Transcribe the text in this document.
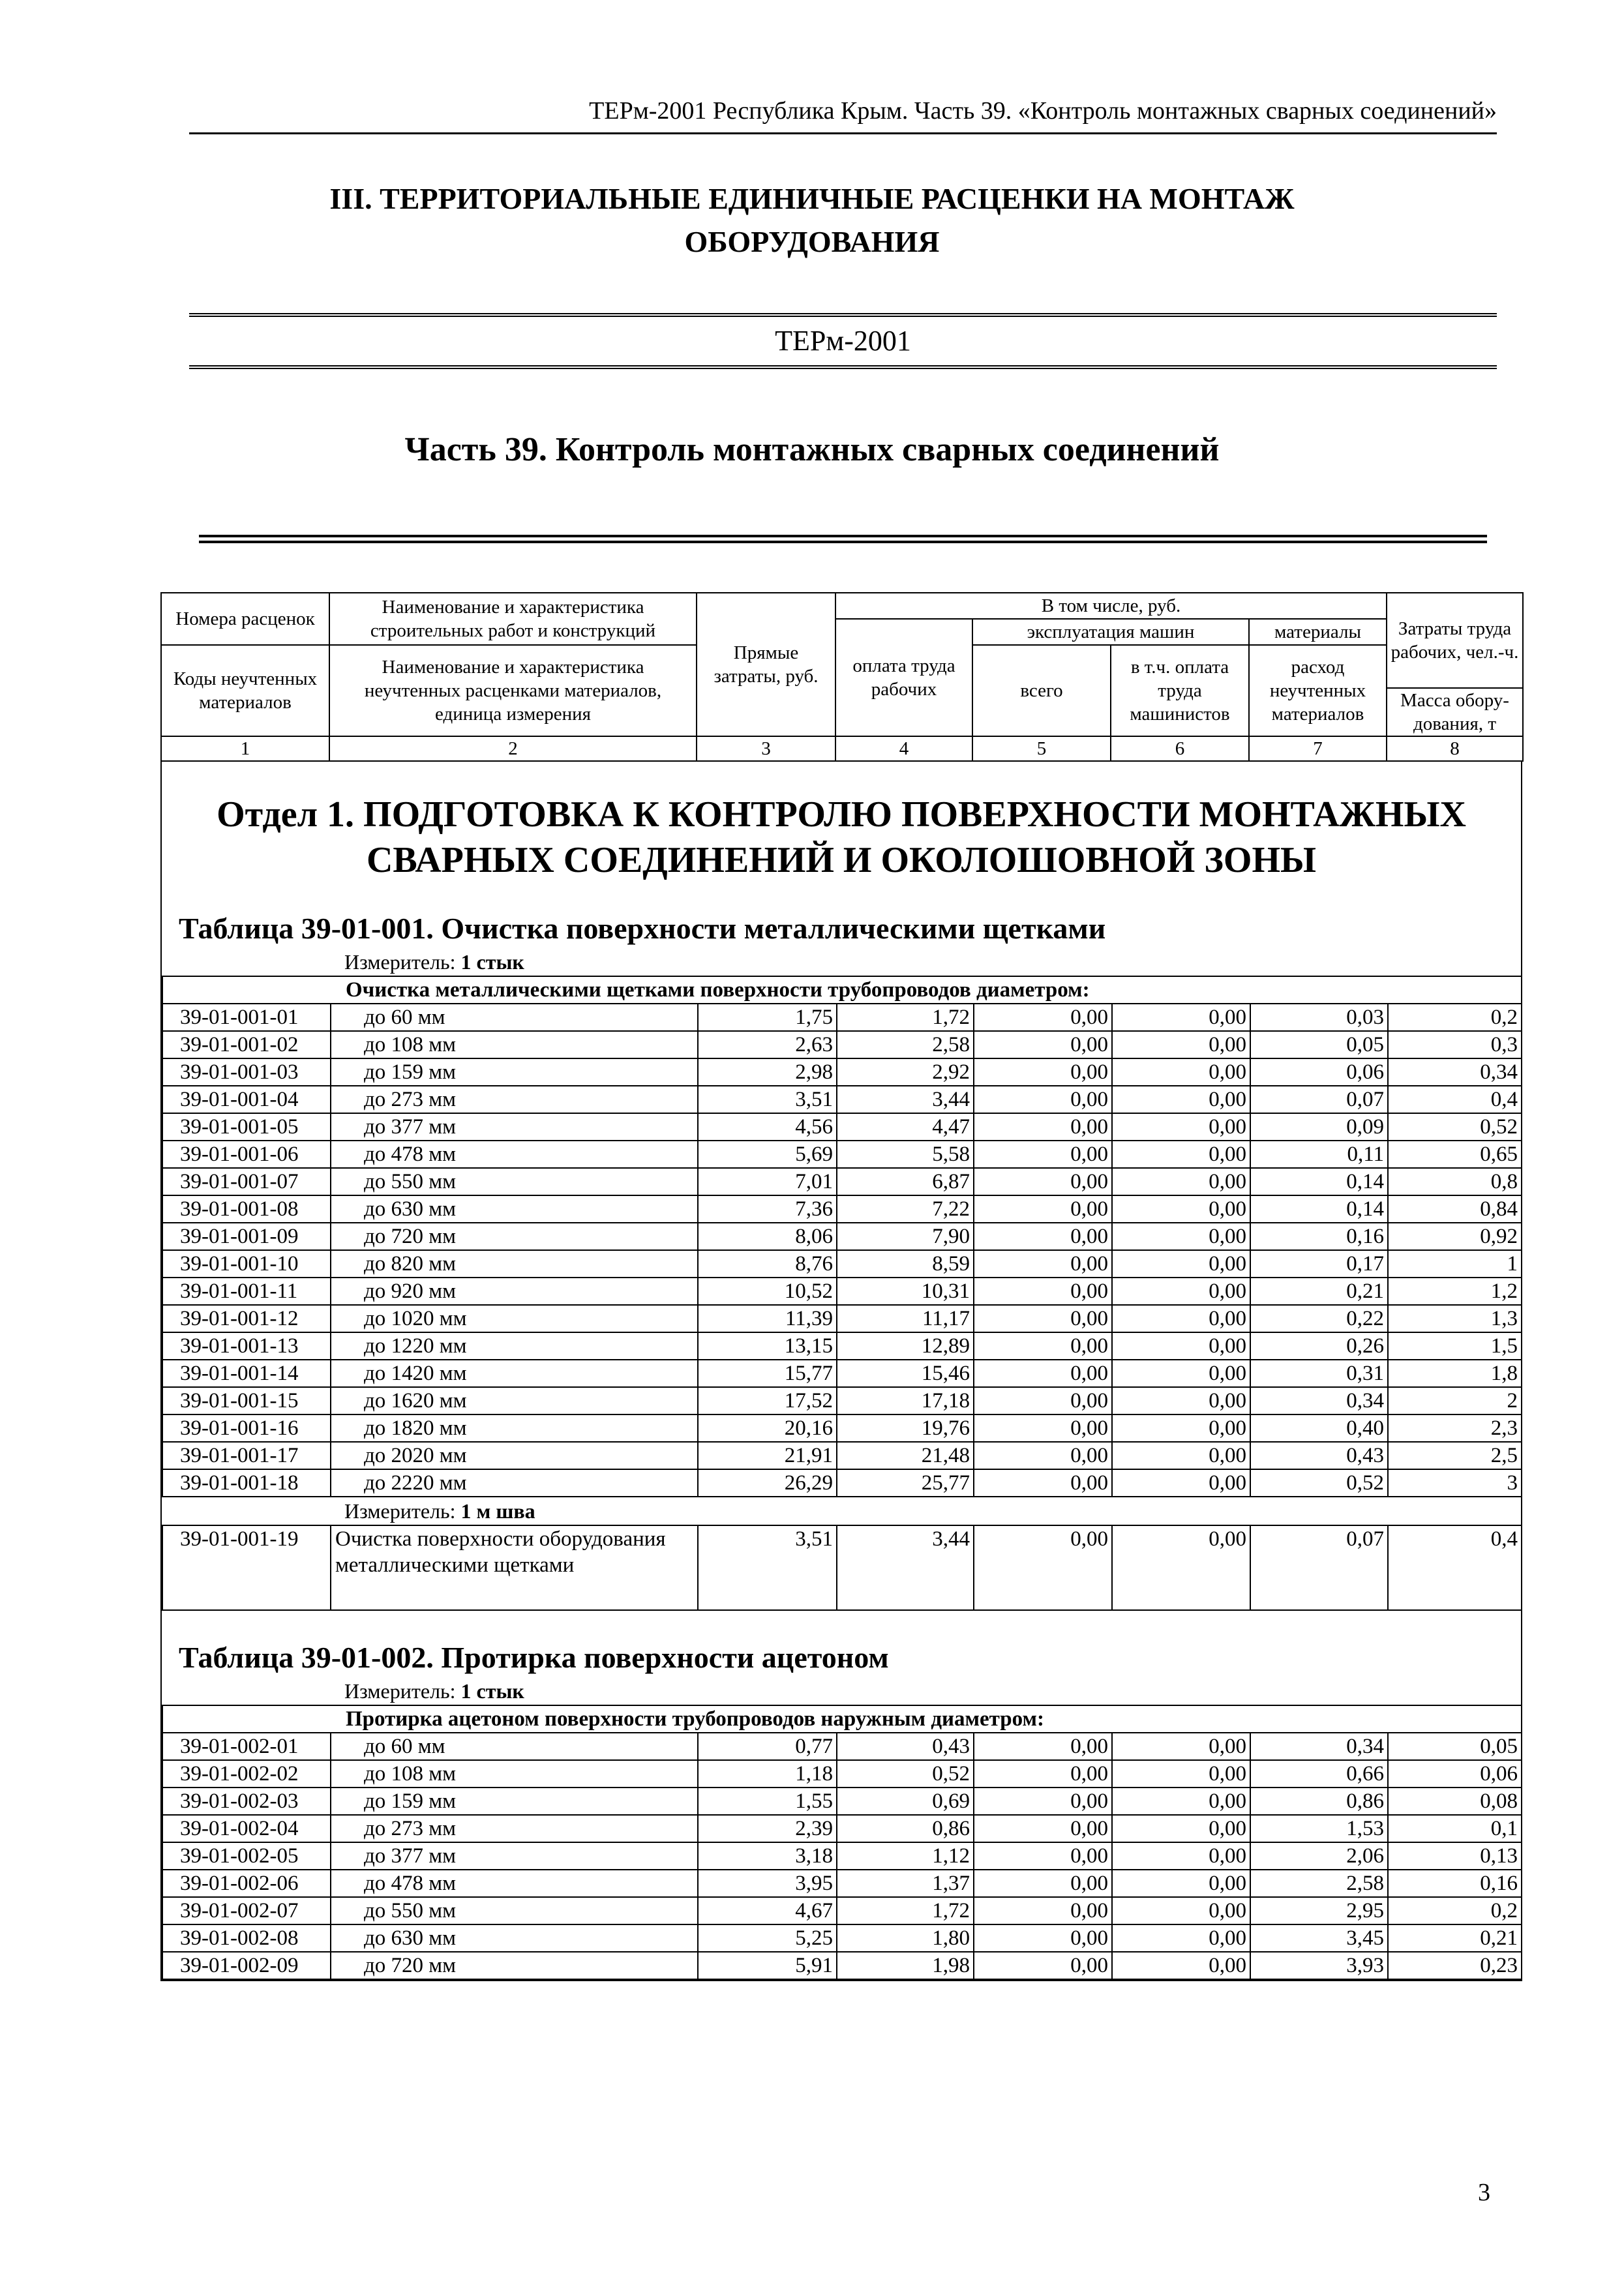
ТЕРм-2001 Республика Крым. Часть 39. «Контроль монтажных сварных соединений»
III. ТЕРРИТОРИАЛЬНЫЕ ЕДИНИЧНЫЕ РАСЦЕНКИ НА МОНТАЖ
ОБОРУДОВАНИЯ
ТЕРм-2001
Часть 39. Контроль монтажных сварных соединений
Номера расценок	Наименование и характеристика строительных работ и конструкций	Прямые затраты, руб.	В том числе, руб.				Затраты труда рабочих, чел.-ч.
			оплата труда рабочих	эксплуатация машин		материалы	
Коды неучтенных материалов	Наименование и характеристика неучтенных расценками материалов, единица измерения			всего	в т.ч. оплата труда машинистов	расход неучтенных материалов	
							Масса обору-дования, т
1	2	3	4	5	6	7	8
Отдел 1. ПОДГОТОВКА К КОНТРОЛЮ ПОВЕРХНОСТИ МОНТАЖНЫХ
СВАРНЫХ СОЕДИНЕНИЙ И ОКОЛОШОВНОЙ ЗОНЫ
Таблица 39-01-001. Очистка поверхности металлическими щетками
Измеритель: 1 стык
Очистка металлическими щетками поверхности трубопроводов диаметром:							
39-01-001-01	до 60 мм	1,75	1,72	0,00	0,00	0,03	0,2
39-01-001-02	до 108 мм	2,63	2,58	0,00	0,00	0,05	0,3
39-01-001-03	до 159 мм	2,98	2,92	0,00	0,00	0,06	0,34
39-01-001-04	до 273 мм	3,51	3,44	0,00	0,00	0,07	0,4
39-01-001-05	до 377 мм	4,56	4,47	0,00	0,00	0,09	0,52
39-01-001-06	до 478 мм	5,69	5,58	0,00	0,00	0,11	0,65
39-01-001-07	до 550 мм	7,01	6,87	0,00	0,00	0,14	0,8
39-01-001-08	до 630 мм	7,36	7,22	0,00	0,00	0,14	0,84
39-01-001-09	до 720 мм	8,06	7,90	0,00	0,00	0,16	0,92
39-01-001-10	до 820 мм	8,76	8,59	0,00	0,00	0,17	1
39-01-001-11	до 920 мм	10,52	10,31	0,00	0,00	0,21	1,2
39-01-001-12	до 1020 мм	11,39	11,17	0,00	0,00	0,22	1,3
39-01-001-13	до 1220 мм	13,15	12,89	0,00	0,00	0,26	1,5
39-01-001-14	до 1420 мм	15,77	15,46	0,00	0,00	0,31	1,8
39-01-001-15	до 1620 мм	17,52	17,18	0,00	0,00	0,34	2
39-01-001-16	до 1820 мм	20,16	19,76	0,00	0,00	0,40	2,3
39-01-001-17	до 2020 мм	21,91	21,48	0,00	0,00	0,43	2,5
39-01-001-18	до 2220 мм	26,29	25,77	0,00	0,00	0,52	3
Измеритель: 1 м шва
39-01-001-19	Очистка поверхности оборудования металлическими щетками	3,51	3,44	0,00	0,00	0,07	0,4
Таблица 39-01-002. Протирка поверхности ацетоном
Измеритель: 1 стык
Протирка ацетоном поверхности трубопроводов наружным диаметром:							
39-01-002-01	до 60 мм	0,77	0,43	0,00	0,00	0,34	0,05
39-01-002-02	до 108 мм	1,18	0,52	0,00	0,00	0,66	0,06
39-01-002-03	до 159 мм	1,55	0,69	0,00	0,00	0,86	0,08
39-01-002-04	до 273 мм	2,39	0,86	0,00	0,00	1,53	0,1
39-01-002-05	до 377 мм	3,18	1,12	0,00	0,00	2,06	0,13
39-01-002-06	до 478 мм	3,95	1,37	0,00	0,00	2,58	0,16
39-01-002-07	до 550 мм	4,67	1,72	0,00	0,00	2,95	0,2
39-01-002-08	до 630 мм	5,25	1,80	0,00	0,00	3,45	0,21
39-01-002-09	до 720 мм	5,91	1,98	0,00	0,00	3,93	0,23
3
